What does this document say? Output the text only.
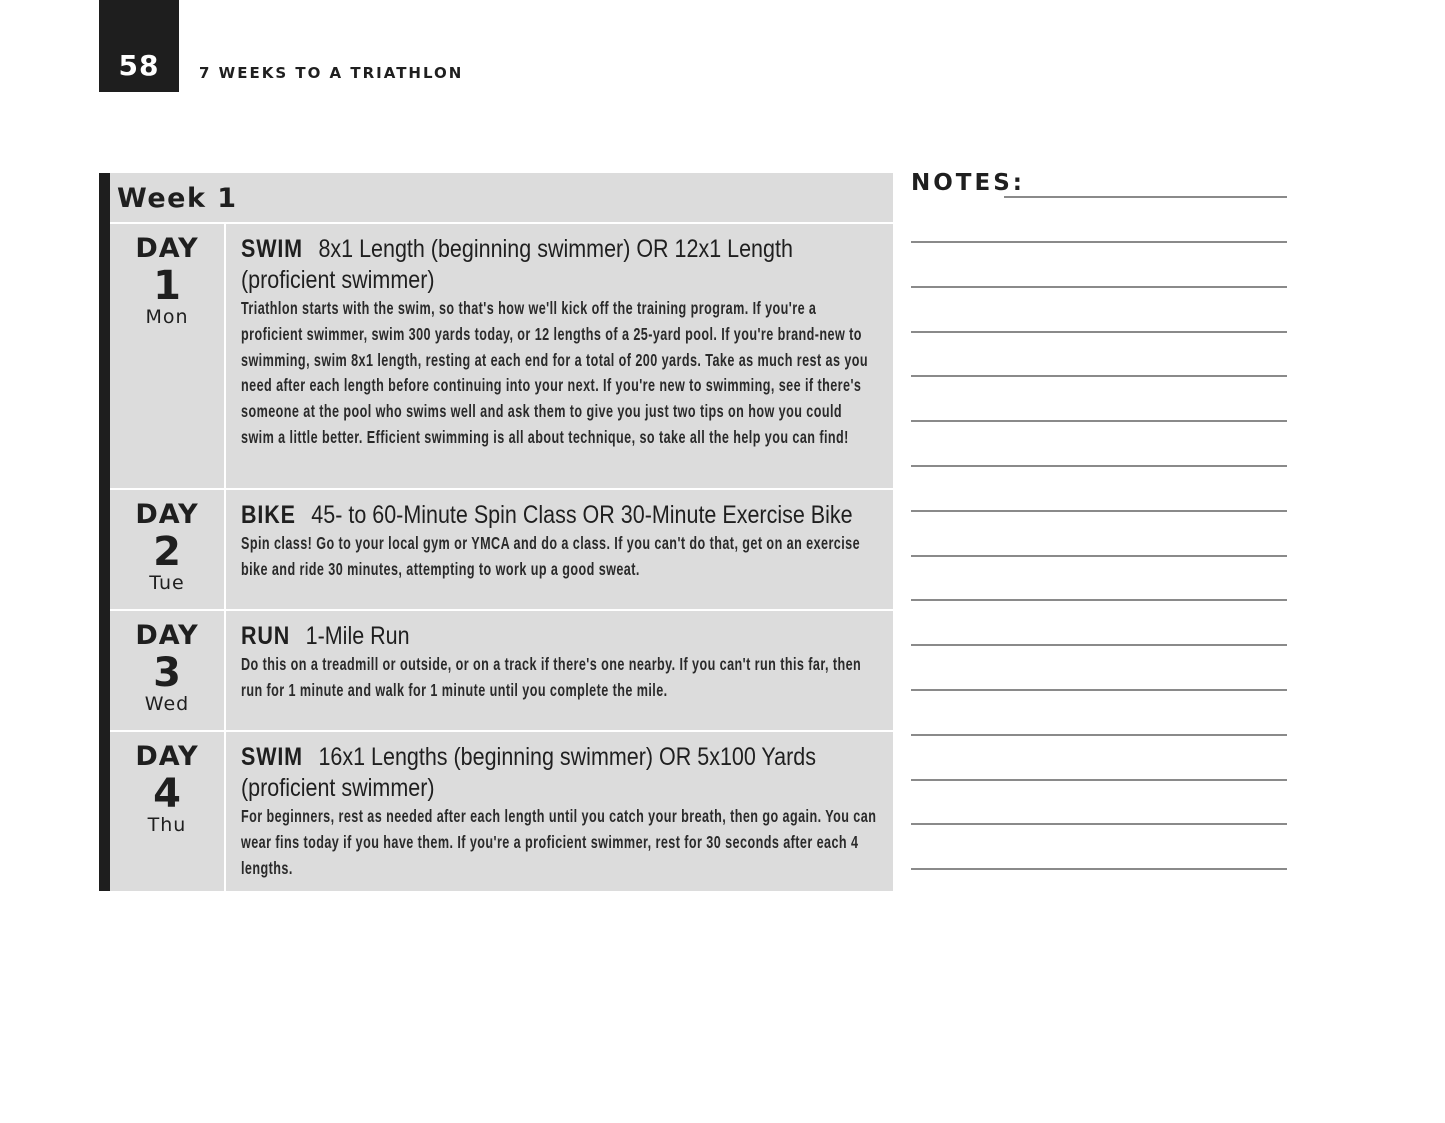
58	7 WEEKS TO A TRIATHLON
Week 1
DAY
1
Mon
SWIM 8x1 Length (beginning swimmer) OR 12x1 Length (proficient swimmer)
Triathlon starts with the swim, so that's how we'll kick off the training program. If you're a proficient swimmer, swim 300 yards today, or 12 lengths of a 25-yard pool. If you're brand-new to swimming, swim 8x1 length, resting at each end for a total of 200 yards. Take as much rest as you need after each length before continuing into your next. If you're new to swimming, see if there's someone at the pool who swims well and ask them to give you just two tips on how you could swim a little better. Efficient swimming is all about technique, so take all the help you can find!
DAY
2
Tue
BIKE 45- to 60-Minute Spin Class OR 30-Minute Exercise Bike
Spin class! Go to your local gym or YMCA and do a class. If you can't do that, get on an exercise bike and ride 30 minutes, attempting to work up a good sweat.
DAY
3
Wed
RUN 1-Mile Run
Do this on a treadmill or outside, or on a track if there's one nearby. If you can't run this far, then run for 1 minute and walk for 1 minute until you complete the mile.
DAY
4
Thu
SWIM 16x1 Lengths (beginning swimmer) OR 5x100 Yards (proficient swimmer)
For beginners, rest as needed after each length until you catch your breath, then go again. You can wear fins today if you have them. If you're a proficient swimmer, rest for 30 seconds after each 4 lengths.
NOTES:
